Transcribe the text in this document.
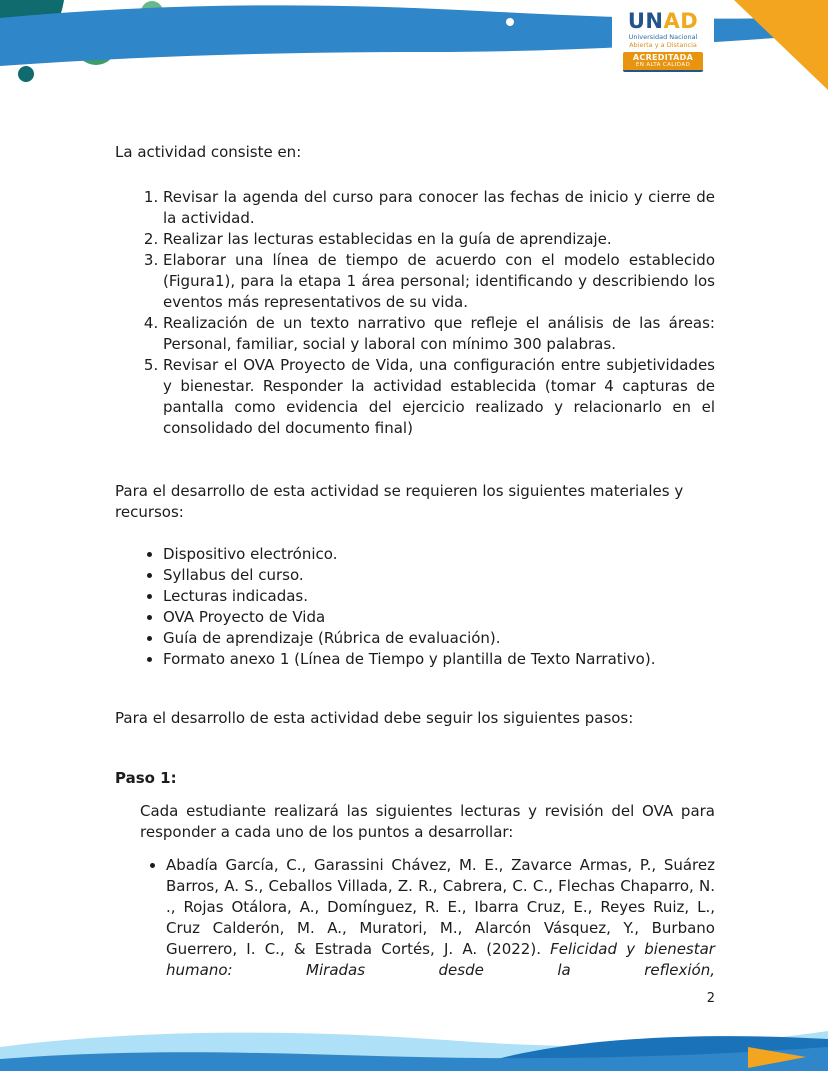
UNAD
Universidad Nacional
Abierta y a Distancia
ACREDITADA
EN ALTA CALIDAD

La actividad consiste en:

1. Revisar la agenda del curso para conocer las fechas de inicio y cierre de la actividad.
2. Realizar las lecturas establecidas en la guía de aprendizaje.
3. Elaborar una línea de tiempo de acuerdo con el modelo establecido (Figura1), para la etapa 1 área personal; identificando y describiendo los eventos más representativos de su vida.
4. Realización de un texto narrativo que refleje el análisis de las áreas: Personal, familiar, social y laboral con mínimo 300 palabras.
5. Revisar el OVA Proyecto de Vida, una configuración entre subjetividades y bienestar. Responder la actividad establecida (tomar 4 capturas de pantalla como evidencia del ejercicio realizado y relacionarlo en el consolidado del documento final)

Para el desarrollo de esta actividad se requieren los siguientes materiales y recursos:

• Dispositivo electrónico.
• Syllabus del curso.
• Lecturas indicadas.
• OVA Proyecto de Vida
• Guía de aprendizaje (Rúbrica de evaluación).
• Formato anexo 1 (Línea de Tiempo y plantilla de Texto Narrativo).

Para el desarrollo de esta actividad debe seguir los siguientes pasos:

Paso 1:

Cada estudiante realizará las siguientes lecturas y revisión del OVA para responder a cada uno de los puntos a desarrollar:

• Abadía García, C., Garassini Chávez, M. E., Zavarce Armas, P., Suárez Barros, A. S., Ceballos Villada, Z. R., Cabrera, C. C., Flechas Chaparro, N. ., Rojas Otálora, A., Domínguez, R. E., Ibarra Cruz, E., Reyes Ruiz, L., Cruz Calderón, M. A., Muratori, M., Alarcón Vásquez, Y., Burbano Guerrero, I. C., & Estrada Cortés, J. A. (2022). Felicidad y bienestar humano: Miradas desde la reflexión,
2
